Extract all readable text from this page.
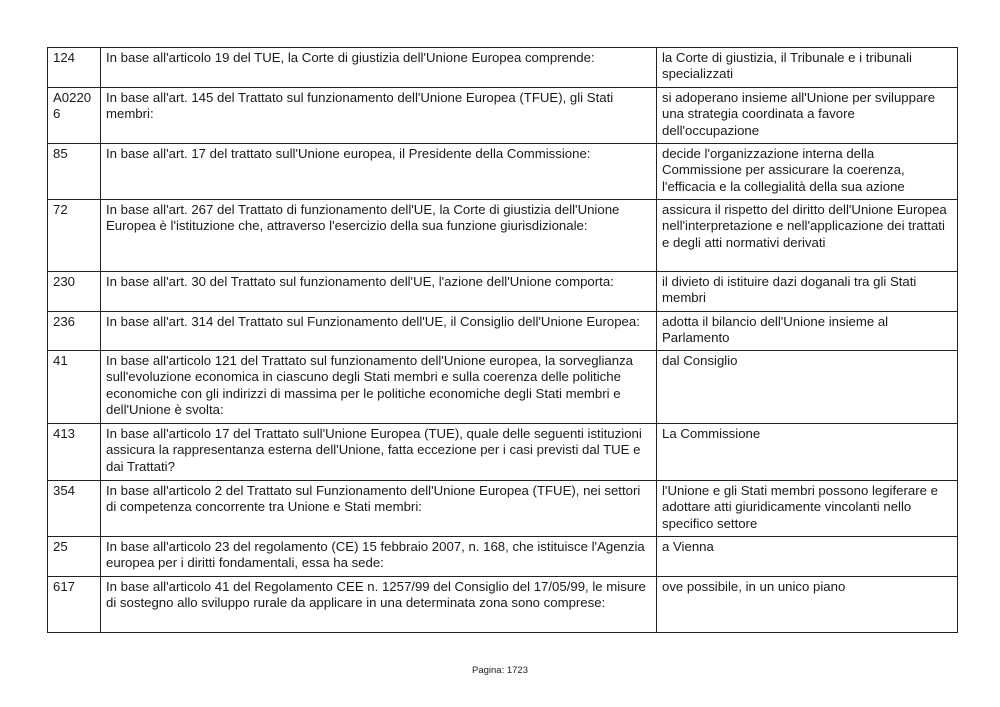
124	In base all'articolo 19 del TUE, la Corte di giustizia dell'Unione Europea comprende:	la Corte di giustizia, il Tribunale e i tribunali specializzati
A02206	In base all'art. 145 del Trattato sul funzionamento dell'Unione Europea (TFUE), gli Stati membri:	si adoperano insieme all'Unione per sviluppare una strategia coordinata a favore dell'occupazione
85	In base all'art. 17 del trattato sull'Unione europea, il Presidente della Commissione:	decide l'organizzazione interna della Commissione per assicurare la coerenza, l'efficacia e la collegialità della sua azione
72	In base all'art. 267 del Trattato di funzionamento dell'UE, la Corte di giustizia dell'Unione Europea è l'istituzione che, attraverso l'esercizio della sua funzione giurisdizionale:	assicura il rispetto del diritto dell'Unione Europea nell'interpretazione e nell'applicazione dei trattati e degli atti normativi derivati
230	In base all'art. 30 del Trattato sul funzionamento dell'UE, l'azione dell'Unione comporta:	il divieto di istituire dazi doganali tra gli Stati membri
236	In base all'art. 314 del Trattato sul Funzionamento dell'UE, il Consiglio dell'Unione Europea:	adotta il bilancio dell'Unione insieme al Parlamento
41	In base all'articolo 121 del Trattato sul funzionamento dell'Unione europea, la sorveglianza sull'evoluzione economica in ciascuno degli Stati membri e sulla coerenza delle politiche economiche con gli indirizzi di massima per le politiche economiche degli Stati membri e dell'Unione è svolta:	dal Consiglio
413	In base all'articolo 17 del Trattato sull'Unione Europea (TUE), quale delle seguenti istituzioni assicura la rappresentanza esterna dell'Unione, fatta eccezione per i casi previsti dal TUE e dai Trattati?	La Commissione
354	In base all'articolo 2 del Trattato sul Funzionamento dell'Unione Europea (TFUE), nei settori di competenza concorrente tra Unione e Stati membri:	l'Unione e gli Stati membri possono legiferare e adottare atti giuridicamente vincolanti nello specifico settore
25	In base all'articolo 23 del regolamento (CE) 15 febbraio 2007, n. 168, che istituisce l'Agenzia europea per i diritti fondamentali, essa ha sede:	a Vienna
617	In base all'articolo 41 del Regolamento CEE n. 1257/99 del Consiglio del 17/05/99, le misure di sostegno allo sviluppo rurale da applicare in una determinata zona sono comprese:	ove possibile, in un unico piano
Pagina: 1723
